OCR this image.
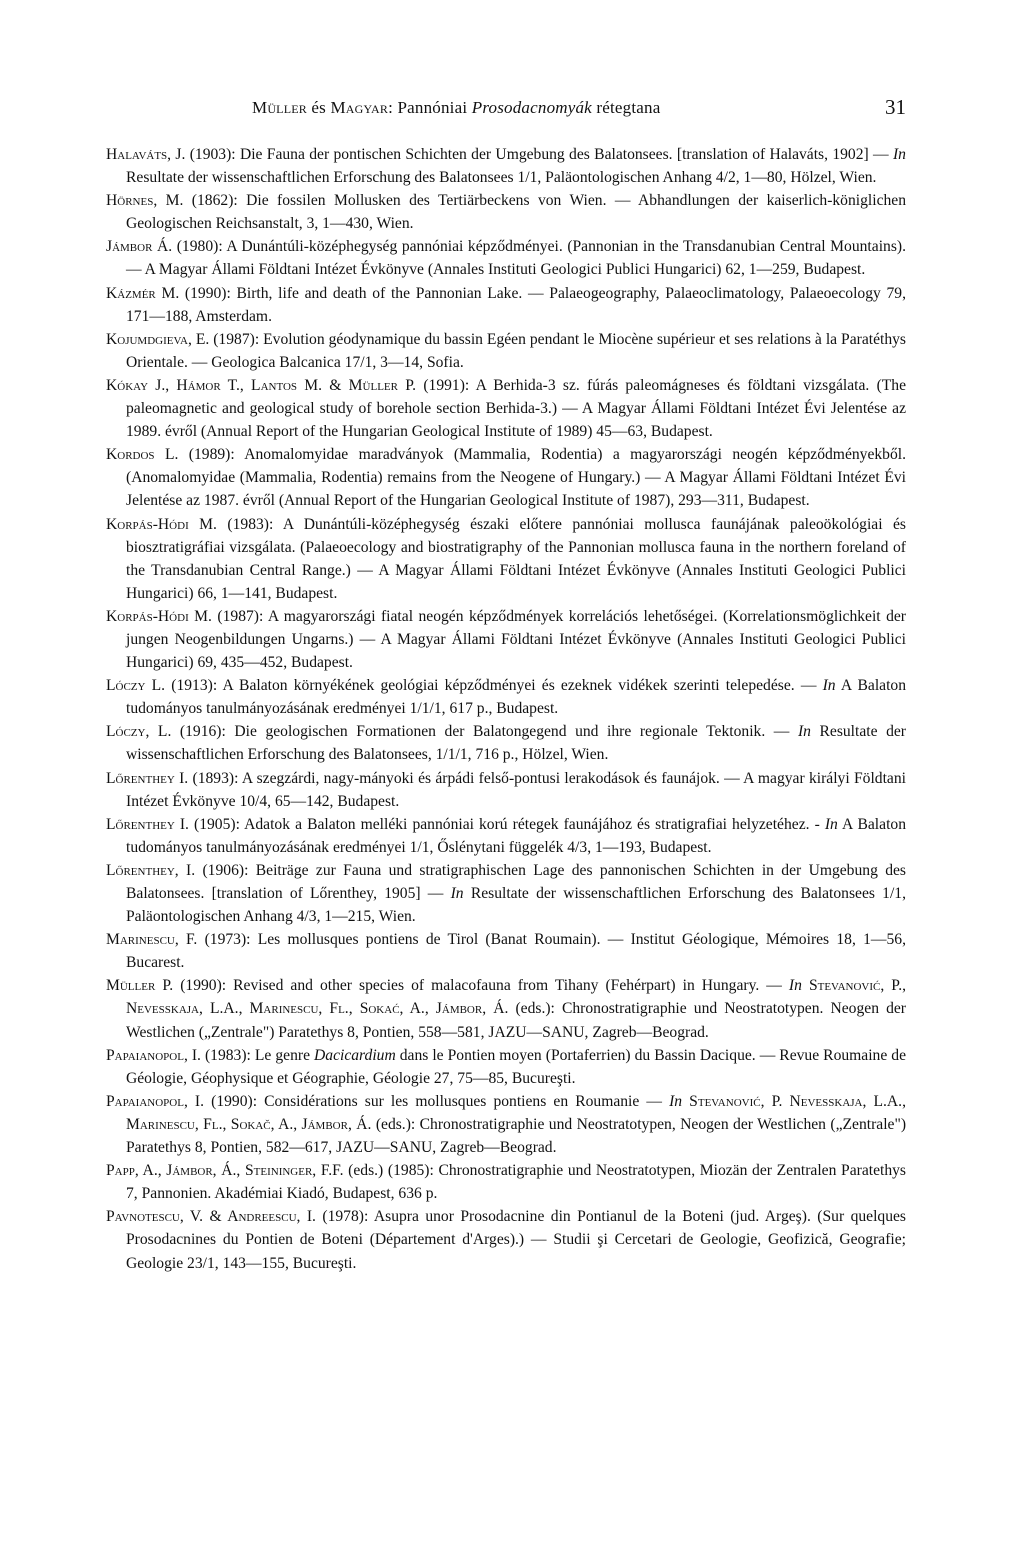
Müller és Magyar: Pannóniai Prosodacnomyák rétegtana	31
Halaváts, J. (1903): Die Fauna der pontischen Schichten der Umgebung des Balatonsees. [translation of Halaváts, 1902] — In Resultate der wissenschaftlichen Erforschung des Balatonsees 1/1, Paläontologischen Anhang 4/2, 1—80, Hölzel, Wien.
Hörnes, M. (1862): Die fossilen Mollusken des Tertiärbeckens von Wien. — Abhandlungen der kaiserlich-königlichen Geologischen Reichsanstalt, 3, 1—430, Wien.
Jámbor Á. (1980): A Dunántúli-középhegység pannóniai képződményei. (Pannonian in the Transdanubian Central Mountains). — A Magyar Állami Földtani Intézet Évkönyve (Annales Instituti Geologici Publici Hungarici) 62, 1—259, Budapest.
Kázmér M. (1990): Birth, life and death of the Pannonian Lake. — Palaeogeography, Palaeoclimatology, Palaeoecology 79, 171—188, Amsterdam.
Kojumdgieva, E. (1987): Evolution géodynamique du bassin Egéen pendant le Miocène supérieur et ses relations à la Paratéthys Orientale. — Geologica Balcanica 17/1, 3—14, Sofia.
Kókay J., Hámor T., Lantos M. & Müller P. (1991): A Berhida-3 sz. fúrás paleomágneses és földtani vizsgálata. (The paleomagnetic and geological study of borehole section Berhida-3.) — A Magyar Állami Földtani Intézet Évi Jelentése az 1989. évről (Annual Report of the Hungarian Geological Institute of 1989) 45—63, Budapest.
Kordos L. (1989): Anomalomyidae maradványok (Mammalia, Rodentia) a magyarországi neogén képződményekből. (Anomalomyidae (Mammalia, Rodentia) remains from the Neogene of Hungary.) — A Magyar Állami Földtani Intézet Évi Jelentése az 1987. évről (Annual Report of the Hungarian Geological Institute of 1987), 293—311, Budapest.
Korpás-Hódi M. (1983): A Dunántúli-középhegység északi előtere pannóniai mollusca faunájának paleoökológiai és biosztratigráfiai vizsgálata. (Palaeoecology and biostratigraphy of the Pannonian mollusca fauna in the northern foreland of the Transdanubian Central Range.) — A Magyar Állami Földtani Intézet Évkönyve (Annales Instituti Geologici Publici Hungarici) 66, 1—141, Budapest.
Korpás-Hódi M. (1987): A magyarországi fiatal neogén képződmények korrelációs lehetőségei. (Korrelationsmöglichkeit der jungen Neogenbildungen Ungarns.) — A Magyar Állami Földtani Intézet Évkönyve (Annales Instituti Geologici Publici Hungarici) 69, 435—452, Budapest.
Lóczy L. (1913): A Balaton környékének geológiai képződményei és ezeknek vidékek szerinti telepedése. — In A Balaton tudományos tanulmányozásának eredményei 1/1/1, 617 p., Budapest.
Lóczy, L. (1916): Die geologischen Formationen der Balatongegend und ihre regionale Tektonik. — In Resultate der wissenschaftlichen Erforschung des Balatonsees, 1/1/1, 716 p., Hölzel, Wien.
Lőrenthey I. (1893): A szegzárdi, nagy-mányoki és árpádi felső-pontusi lerakodások és faunájok. — A magyar királyi Földtani Intézet Évkönyve 10/4, 65—142, Budapest.
Lőrenthey I. (1905): Adatok a Balaton melléki pannóniai korú rétegek faunájához és stratigrafiai helyzetéhez. - In A Balaton tudományos tanulmányozásának eredményei 1/1, Őslénytani függelék 4/3, 1—193, Budapest.
Lőrenthey, I. (1906): Beiträge zur Fauna und stratigraphischen Lage des pannonischen Schichten in der Umgebung des Balatonsees. [translation of Lőrenthey, 1905] — In Resultate der wissenschaftlichen Erforschung des Balatonsees 1/1, Paläontologischen Anhang 4/3, 1—215, Wien.
Marinescu, F. (1973): Les mollusques pontiens de Tirol (Banat Roumain). — Institut Géologique, Mémoires 18, 1—56, Bucarest.
Müller P. (1990): Revised and other species of malacofauna from Tihany (Fehérpart) in Hungary. — In Stevanović, P., Nevesskaja, L.A., Marinescu, Fl., Sokać, A., Jámbor, Á. (eds.): Chronostratigraphie und Neostratotypen. Neogen der Westlichen („Zentrale") Paratethys 8, Pontien, 558—581, JAZU—SANU, Zagreb—Beograd.
Papaianopol, I. (1983): Le genre Dacicardium dans le Pontien moyen (Portaferrien) du Bassin Dacique. — Revue Roumaine de Géologie, Géophysique et Géographie, Géologie 27, 75—85, Bucureşti.
Papaianopol, I. (1990): Considérations sur les mollusques pontiens en Roumanie — In Stevanović, P. Nevesskaja, L.A., Marinescu, Fl., Sokač, A., Jámbor, Á. (eds.): Chronostratigraphie und Neostratotypen, Neogen der Westlichen („Zentrale") Paratethys 8, Pontien, 582—617, JAZU—SANU, Zagreb—Beograd.
Papp, A., Jámbor, Á., Steininger, F.F. (eds.) (1985): Chronostratigraphie und Neostratotypen, Miozän der Zentralen Paratethys 7, Pannonien. Akadémiai Kiadó, Budapest, 636 p.
Pavnotescu, V. & Andreescu, I. (1978): Asupra unor Prosodacnine din Pontianul de la Boteni (jud. Argeş). (Sur quelques Prosodacnines du Pontien de Boteni (Département d'Arges).) — Studii şi Cercetari de Geologie, Geofizică, Geografie; Geologie 23/1, 143—155, Bucureşti.
